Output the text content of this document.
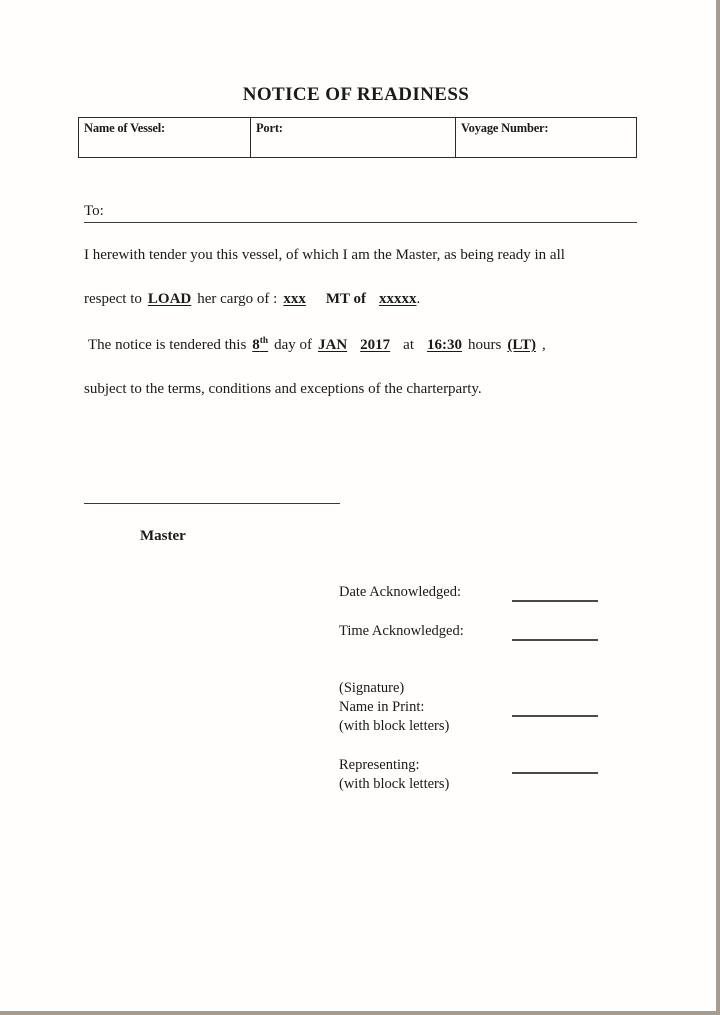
NOTICE OF READINESS
Name of Vessel:	Port:	Voyage Number:
To:
I herewith tender you this vessel, of which I am the Master, as being ready in all
respect to LOAD her cargo of : xxx MT of xxxxx.
The notice is tendered this 8th day of JAN 2017 at 16:30 hours (LT) ,
subject to the terms, conditions and exceptions of the charterparty.
Master
Date Acknowledged:
Time Acknowledged:
(Signature)
Name in Print:
(with block letters)
Representing:
(with block letters)
